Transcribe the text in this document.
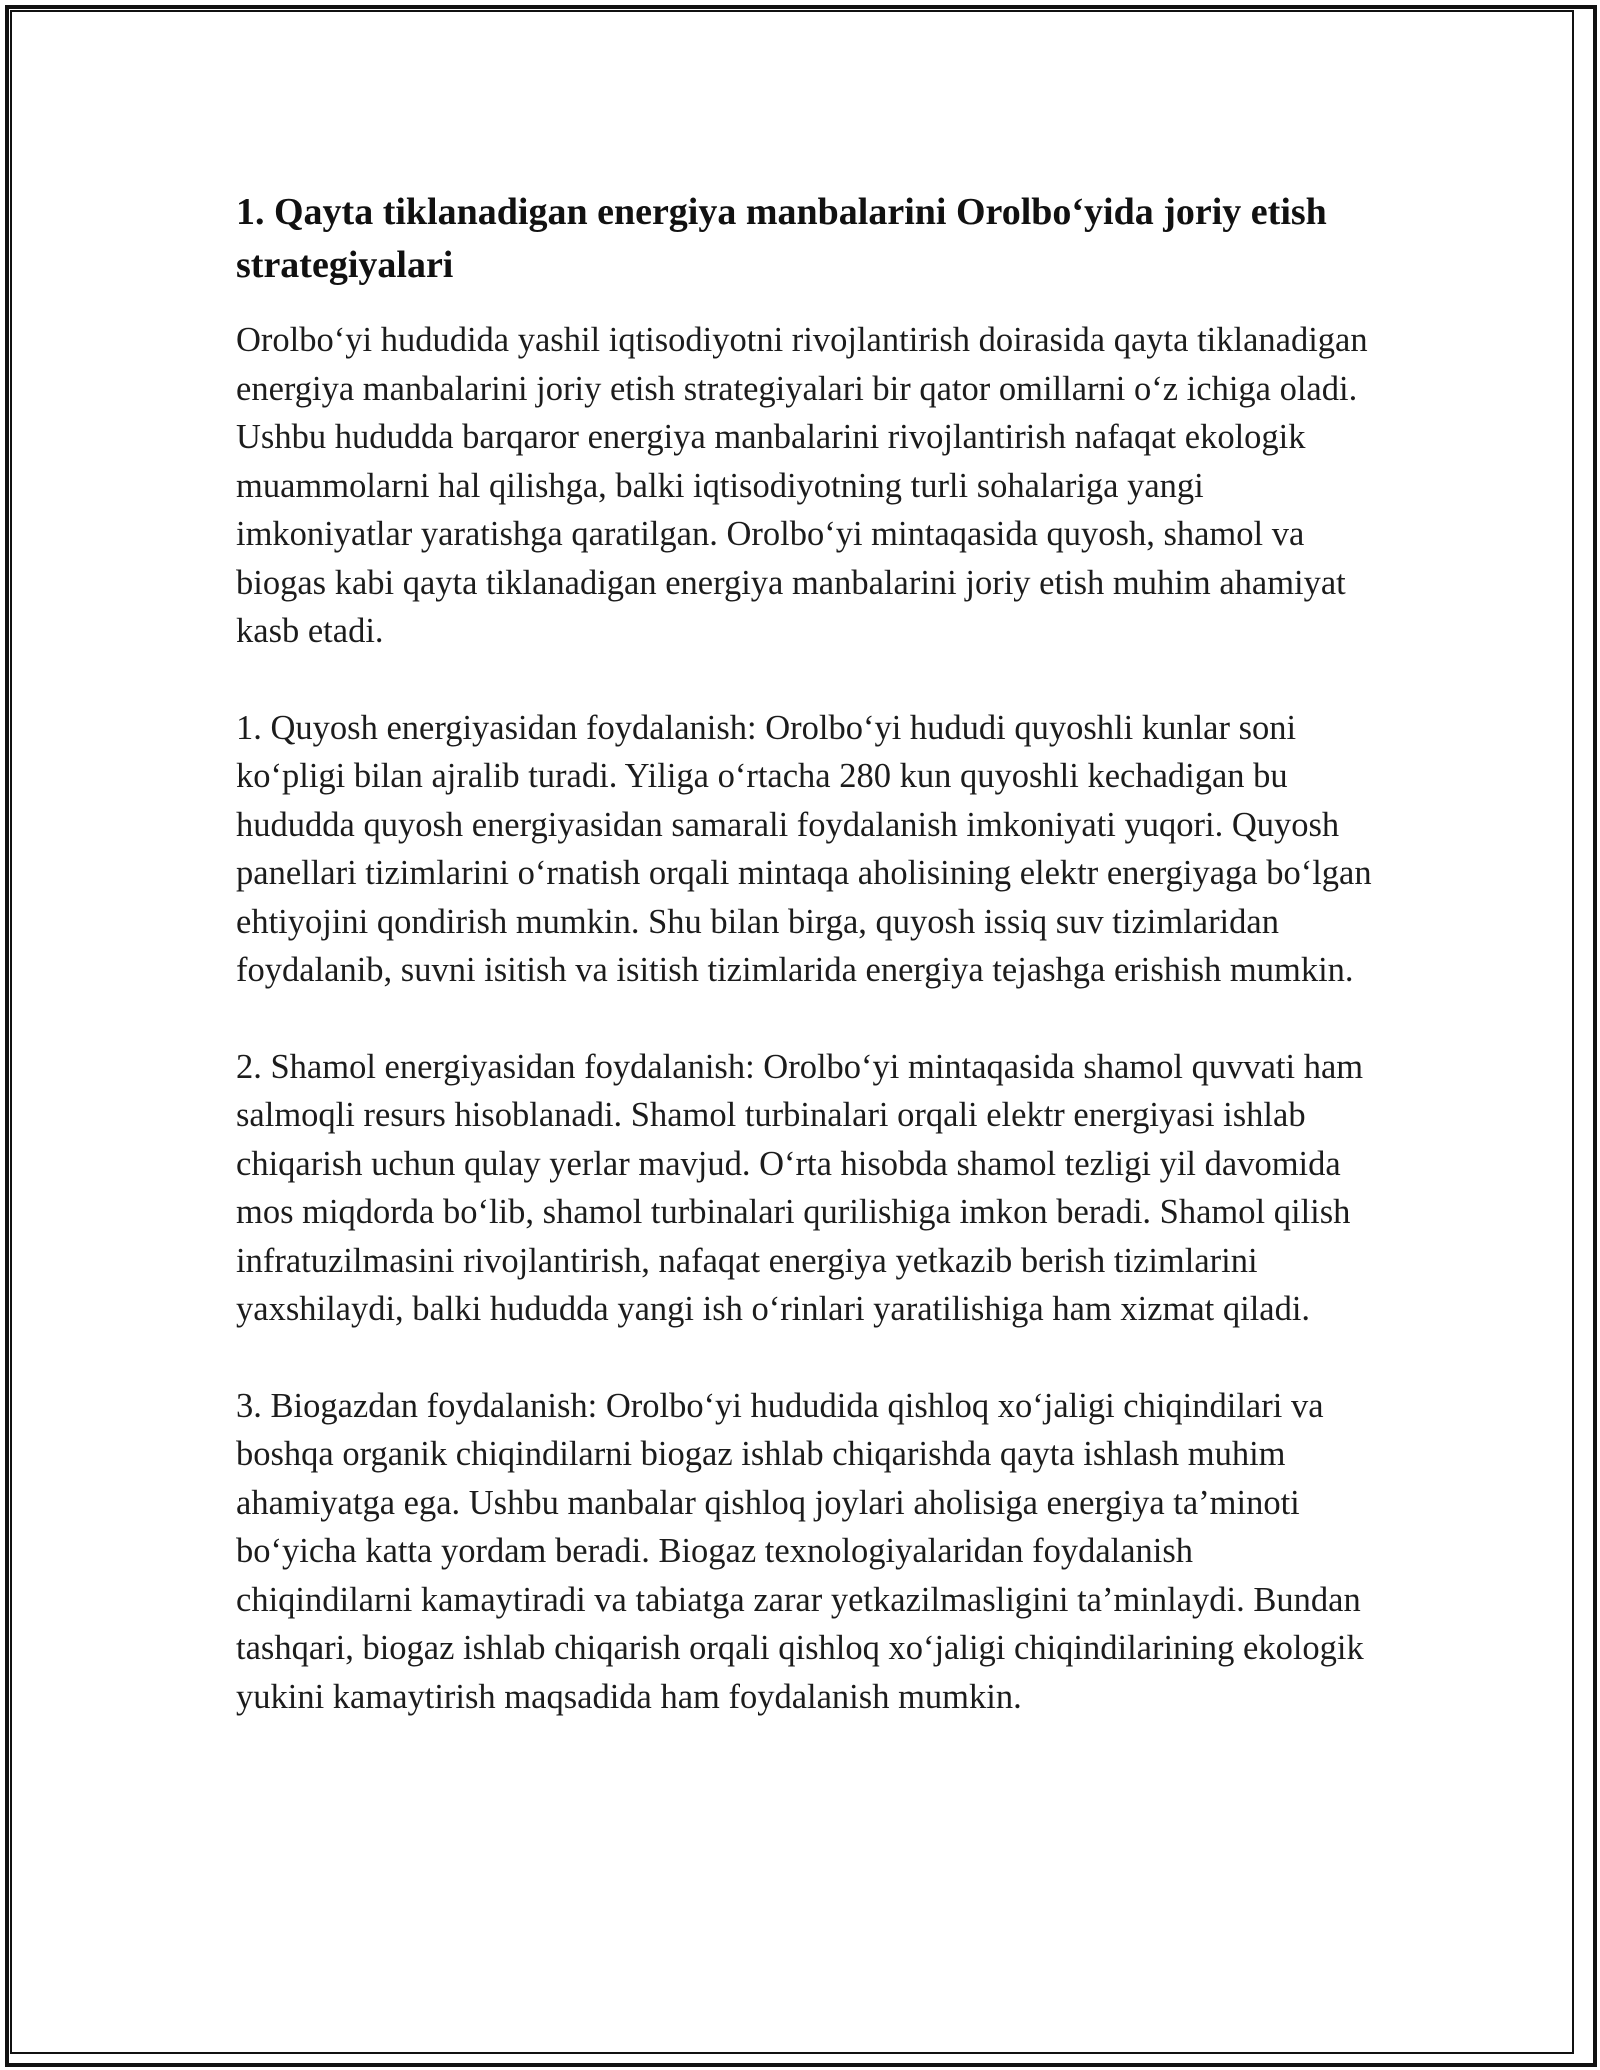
1. Qayta tiklanadigan energiya manbalarini Orolbo‘yida joriy etish strategiyalari

Orolbo‘yi hududida yashil iqtisodiyotni rivojlantirish doirasida qayta tiklanadigan energiya manbalarini joriy etish strategiyalari bir qator omillarni o‘z ichiga oladi. Ushbu hududda barqaror energiya manbalarini rivojlantirish nafaqat ekologik muammolarni hal qilishga, balki iqtisodiyotning turli sohalariga yangi imkoniyatlar yaratishga qaratilgan. Orolbo‘yi mintaqasida quyosh, shamol va biogas kabi qayta tiklanadigan energiya manbalarini joriy etish muhim ahamiyat kasb etadi.

1. Quyosh energiyasidan foydalanish: Orolbo‘yi hududi quyoshli kunlar soni ko‘pligi bilan ajralib turadi. Yiliga o‘rtacha 280 kun quyoshli kechadigan bu hududda quyosh energiyasidan samarali foydalanish imkoniyati yuqori. Quyosh panellari tizimlarini o‘rnatish orqali mintaqa aholisining elektr energiyaga bo‘lgan ehtiyojini qondirish mumkin. Shu bilan birga, quyosh issiq suv tizimlaridan foydalanib, suvni isitish va isitish tizimlarida energiya tejashga erishish mumkin.

2. Shamol energiyasidan foydalanish: Orolbo‘yi mintaqasida shamol quvvati ham salmoqli resurs hisoblanadi. Shamol turbinalari orqali elektr energiyasi ishlab chiqarish uchun qulay yerlar mavjud. O‘rta hisobda shamol tezligi yil davomida mos miqdorda bo‘lib, shamol turbinalari qurilishiga imkon beradi. Shamol qilish infratuzilmasini rivojlantirish, nafaqat energiya yetkazib berish tizimlarini yaxshilaydi, balki hududda yangi ish o‘rinlari yaratilishiga ham xizmat qiladi.

3. Biogazdan foydalanish: Orolbo‘yi hududida qishloq xo‘jaligi chiqindilari va boshqa organik chiqindilarni biogaz ishlab chiqarishda qayta ishlash muhim ahamiyatga ega. Ushbu manbalar qishloq joylari aholisiga energiya ta’minoti bo‘yicha katta yordam beradi. Biogaz texnologiyalaridan foydalanish chiqindilarni kamaytiradi va tabiatga zarar yetkazilmasligini ta’minlaydi. Bundan tashqari, biogaz ishlab chiqarish orqali qishloq xo‘jaligi chiqindilarining ekologik yukini kamaytirish maqsadida ham foydalanish mumkin.
